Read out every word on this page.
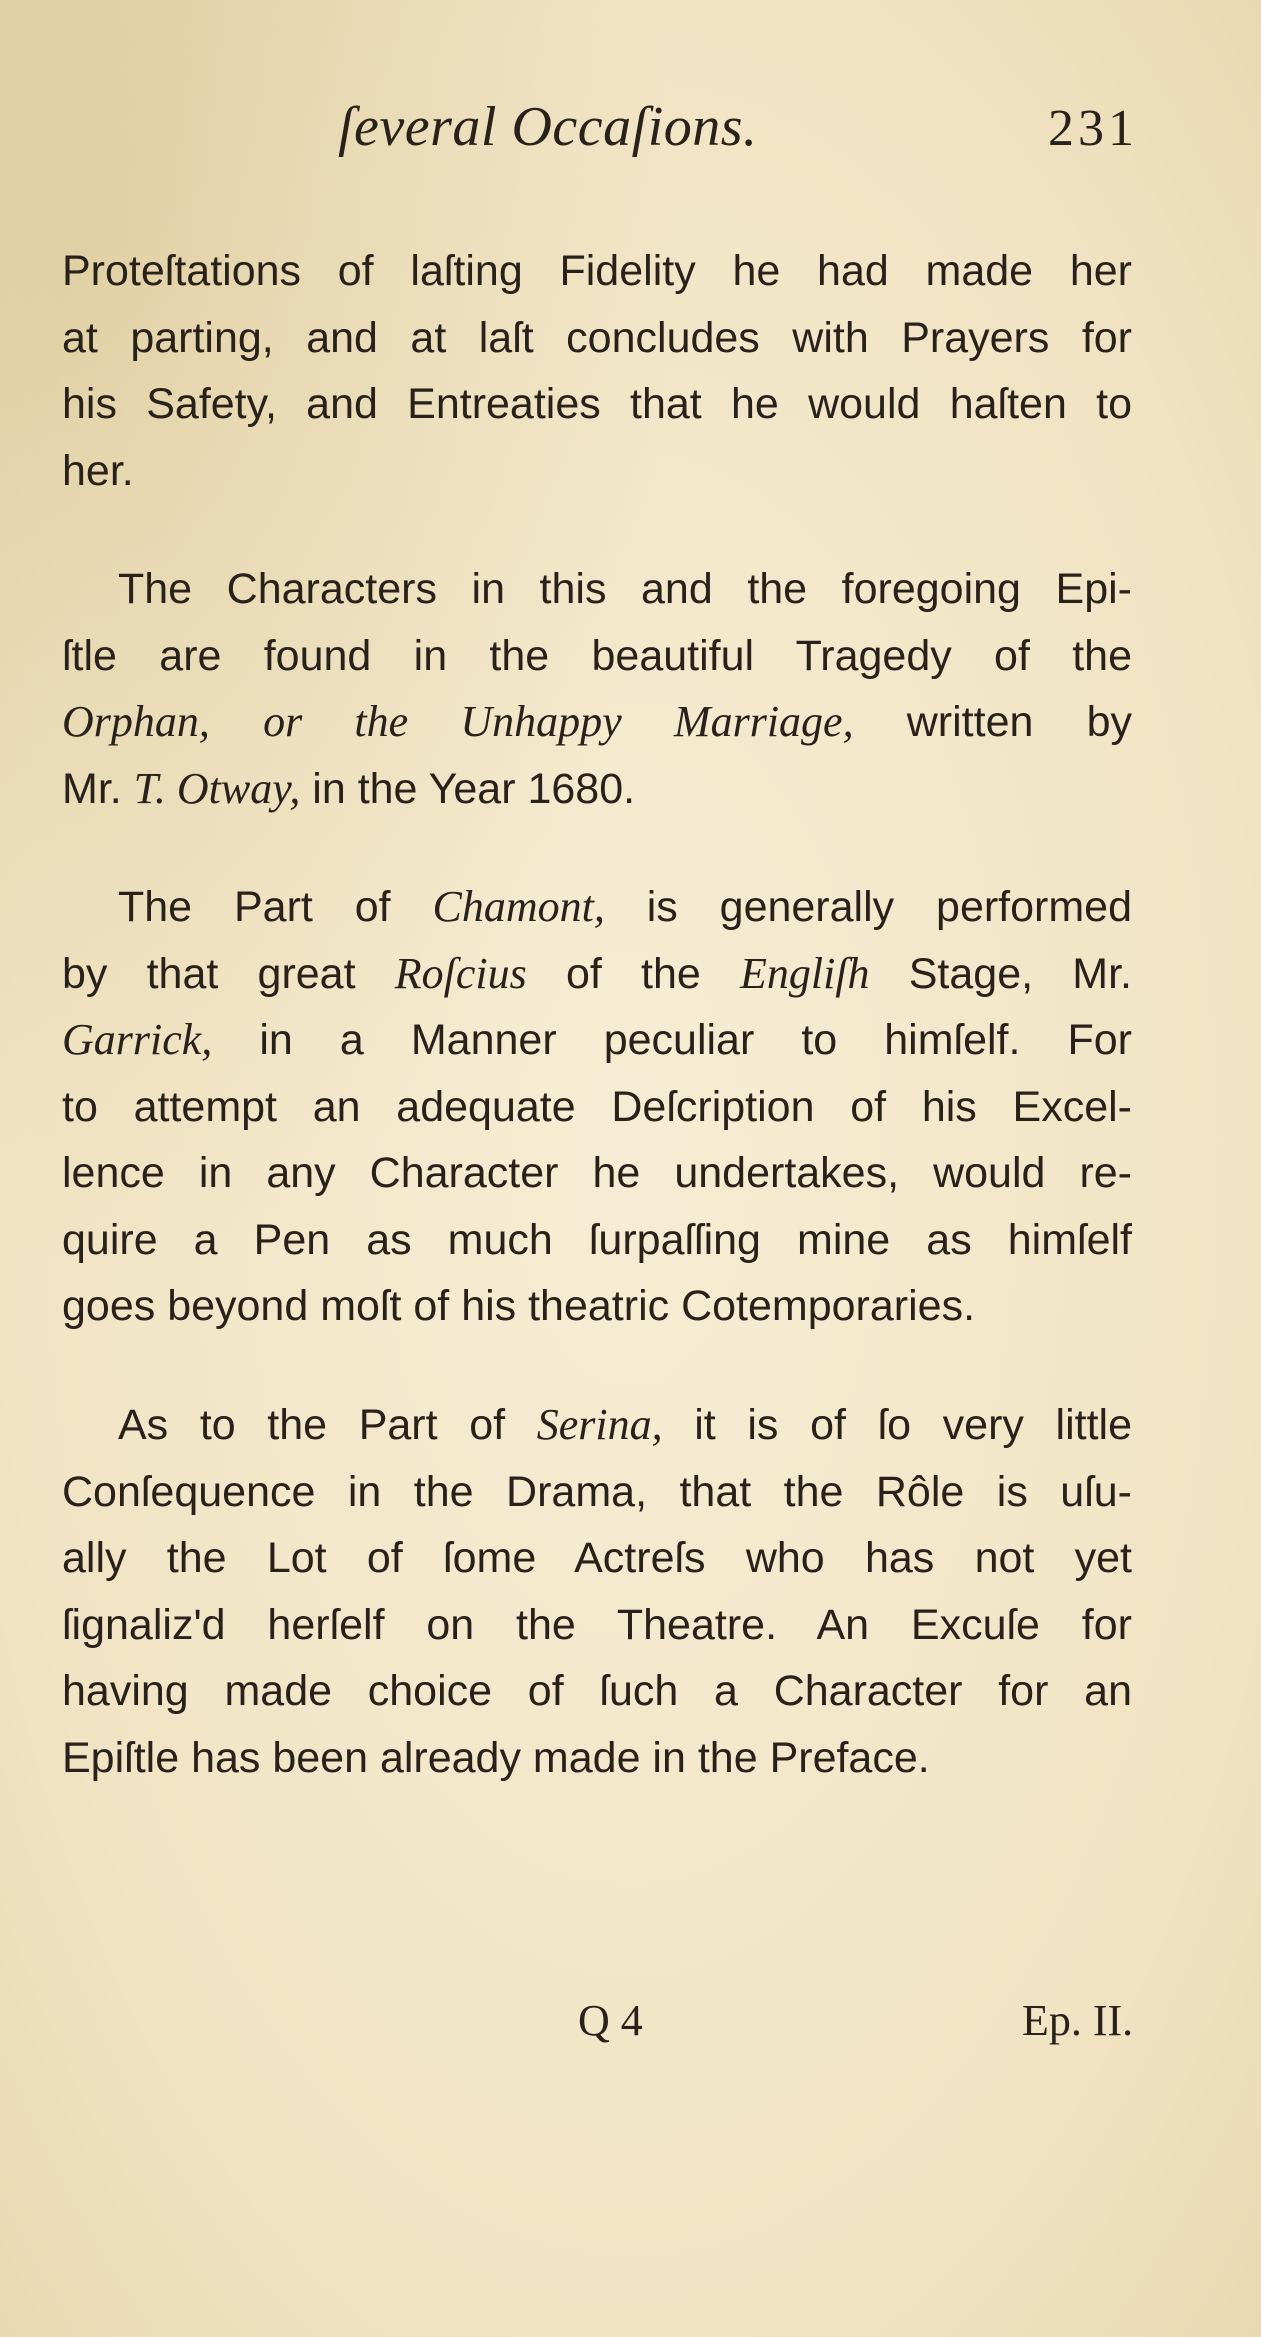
ſeveral Occaſions.	231
Proteſtations of laſting Fidelity he had made her
at parting, and at laſt concludes with Prayers for
his Safety, and Entreaties that he would haſten to
her.
The Characters in this and the foregoing Epi-
ſtle are found in the beautiful Tragedy of the
Orphan, or the Unhappy Marriage, written by
Mr. T. Otway, in the Year 1680.
The Part of Chamont, is generally performed
by that great Roſcius of the Engliſh Stage, Mr.
Garrick, in a Manner peculiar to himſelf. For
to attempt an adequate Deſcription of his Excel-
lence in any Character he undertakes, would re-
quire a Pen as much ſurpaſſing mine as himſelf
goes beyond moſt of his theatric Cotemporaries.
As to the Part of Serina, it is of ſo very little
Conſequence in the Drama, that the Rôle is uſu-
ally the Lot of ſome Actreſs who has not yet
ſignaliz'd herſelf on the Theatre. An Excuſe for
having made choice of ſuch a Character for an
Epiſtle has been already made in the Preface.
Q 4	Ep. II.
